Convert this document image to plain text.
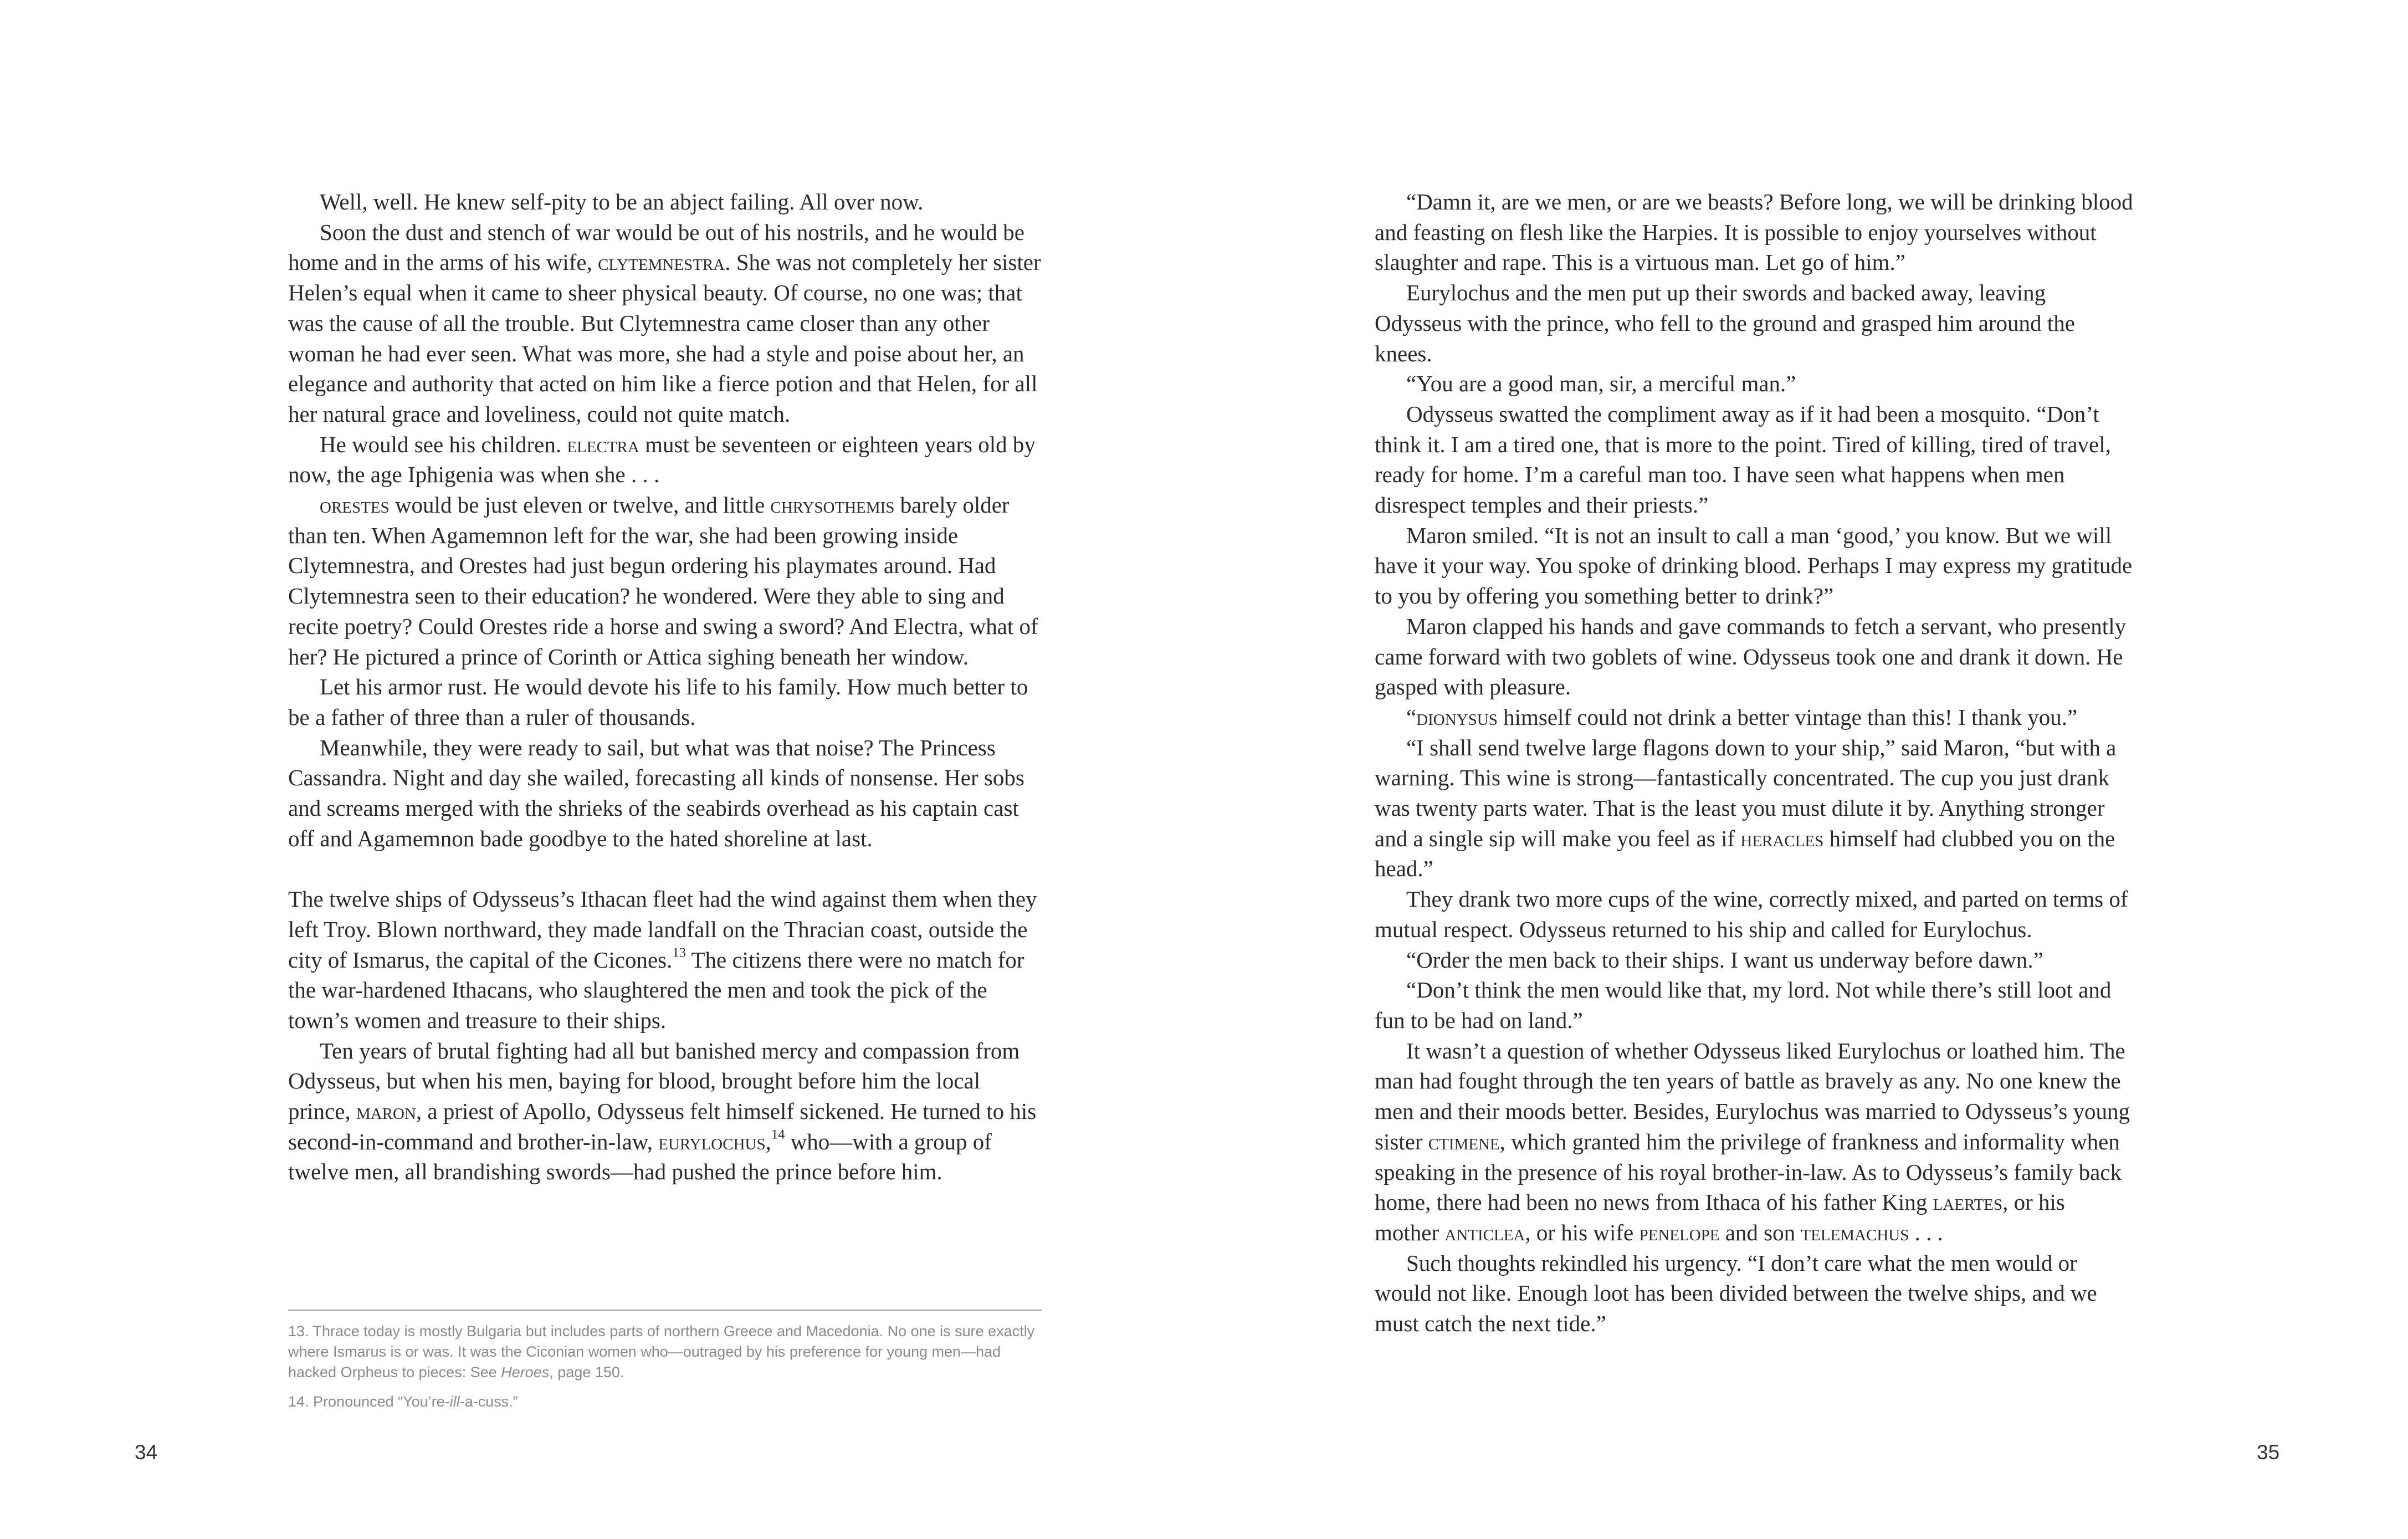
Well, well. He knew self-pity to be an abject failing. All over now.

Soon the dust and stench of war would be out of his nostrils, and he would be home and in the arms of his wife, clytemnestra. She was not completely her sister Helen’s equal when it came to sheer physical beauty. Of course, no one was; that was the cause of all the trouble. But Clytemnestra came closer than any other woman he had ever seen. What was more, she had a style and poise about her, an elegance and authority that acted on him like a fierce potion and that Helen, for all her natural grace and loveliness, could not quite match.

He would see his children. electra must be seventeen or eighteen years old by now, the age Iphigenia was when she . . .

orestes would be just eleven or twelve, and little chrysothemis barely older than ten. When Agamemnon left for the war, she had been growing inside Clytemnestra, and Orestes had just begun ordering his playmates around. Had Clytemnestra seen to their education? he wondered. Were they able to sing and recite poetry? Could Orestes ride a horse and swing a sword? And Electra, what of her? He pictured a prince of Corinth or Attica sighing beneath her window.

Let his armor rust. He would devote his life to his family. How much better to be a father of three than a ruler of thousands.

Meanwhile, they were ready to sail, but what was that noise? The Princess Cassandra. Night and day she wailed, forecasting all kinds of nonsense. Her sobs and screams merged with the shrieks of the seabirds overhead as his captain cast off and Agamemnon bade goodbye to the hated shoreline at last.

The twelve ships of Odysseus’s Ithacan fleet had the wind against them when they left Troy. Blown northward, they made landfall on the Thracian coast, outside the city of Ismarus, the capital of the Cicones.$^{13}$ The citizens there were no match for the war-hardened Ithacans, who slaughtered the men and took the pick of the town’s women and treasure to their ships.

Ten years of brutal fighting had all but banished mercy and compassion from Odysseus, but when his men, baying for blood, brought before him the local prince, maron, a priest of Apollo, Odysseus felt himself sickened. He turned to his second-in-command and brother-in-law, eurylochus,$^{14}$ who—with a group of twelve men, all brandishing swords—had pushed the prince before him.

13. Thrace today is mostly Bulgaria but includes parts of northern Greece and Macedonia. No one is sure exactly where Ismarus is or was. It was the Ciconian women who—outraged by his preference for young men—had hacked Orpheus to pieces: See Heroes, page 150.

14. Pronounced “You’re-ill-a-cuss.”

34

“Damn it, are we men, or are we beasts? Before long, we will be drinking blood and feasting on flesh like the Harpies. It is possible to enjoy yourselves without slaughter and rape. This is a virtuous man. Let go of him.”

Eurylochus and the men put up their swords and backed away, leaving Odysseus with the prince, who fell to the ground and grasped him around the knees.

“You are a good man, sir, a merciful man.”

Odysseus swatted the compliment away as if it had been a mosquito. “Don’t think it. I am a tired one, that is more to the point. Tired of killing, tired of travel, ready for home. I’m a careful man too. I have seen what happens when men disrespect temples and their priests.”

Maron smiled. “It is not an insult to call a man ‘good,’ you know. But we will have it your way. You spoke of drinking blood. Perhaps I may express my gratitude to you by offering you something better to drink?”

Maron clapped his hands and gave commands to fetch a servant, who presently came forward with two goblets of wine. Odysseus took one and drank it down. He gasped with pleasure.

“dionysus himself could not drink a better vintage than this! I thank you.”

“I shall send twelve large flagons down to your ship,” said Maron, “but with a warning. This wine is strong—fantastically concentrated. The cup you just drank was twenty parts water. That is the least you must dilute it by. Anything stronger and a single sip will make you feel as if heracles himself had clubbed you on the head.”

They drank two more cups of the wine, correctly mixed, and parted on terms of mutual respect. Odysseus returned to his ship and called for Eurylochus.

“Order the men back to their ships. I want us underway before dawn.”

“Don’t think the men would like that, my lord. Not while there’s still loot and fun to be had on land.”

It wasn’t a question of whether Odysseus liked Eurylochus or loathed him. The man had fought through the ten years of battle as bravely as any. No one knew the men and their moods better. Besides, Eurylochus was married to Odysseus’s young sister ctimene, which granted him the privilege of frankness and informality when speaking in the presence of his royal brother-in-law. As to Odysseus’s family back home, there had been no news from Ithaca of his father King laertes, or his mother anticlea, or his wife penelope and son telemachus . . .

Such thoughts rekindled his urgency. “I don’t care what the men would or would not like. Enough loot has been divided between the twelve ships, and we must catch the next tide.”

35
